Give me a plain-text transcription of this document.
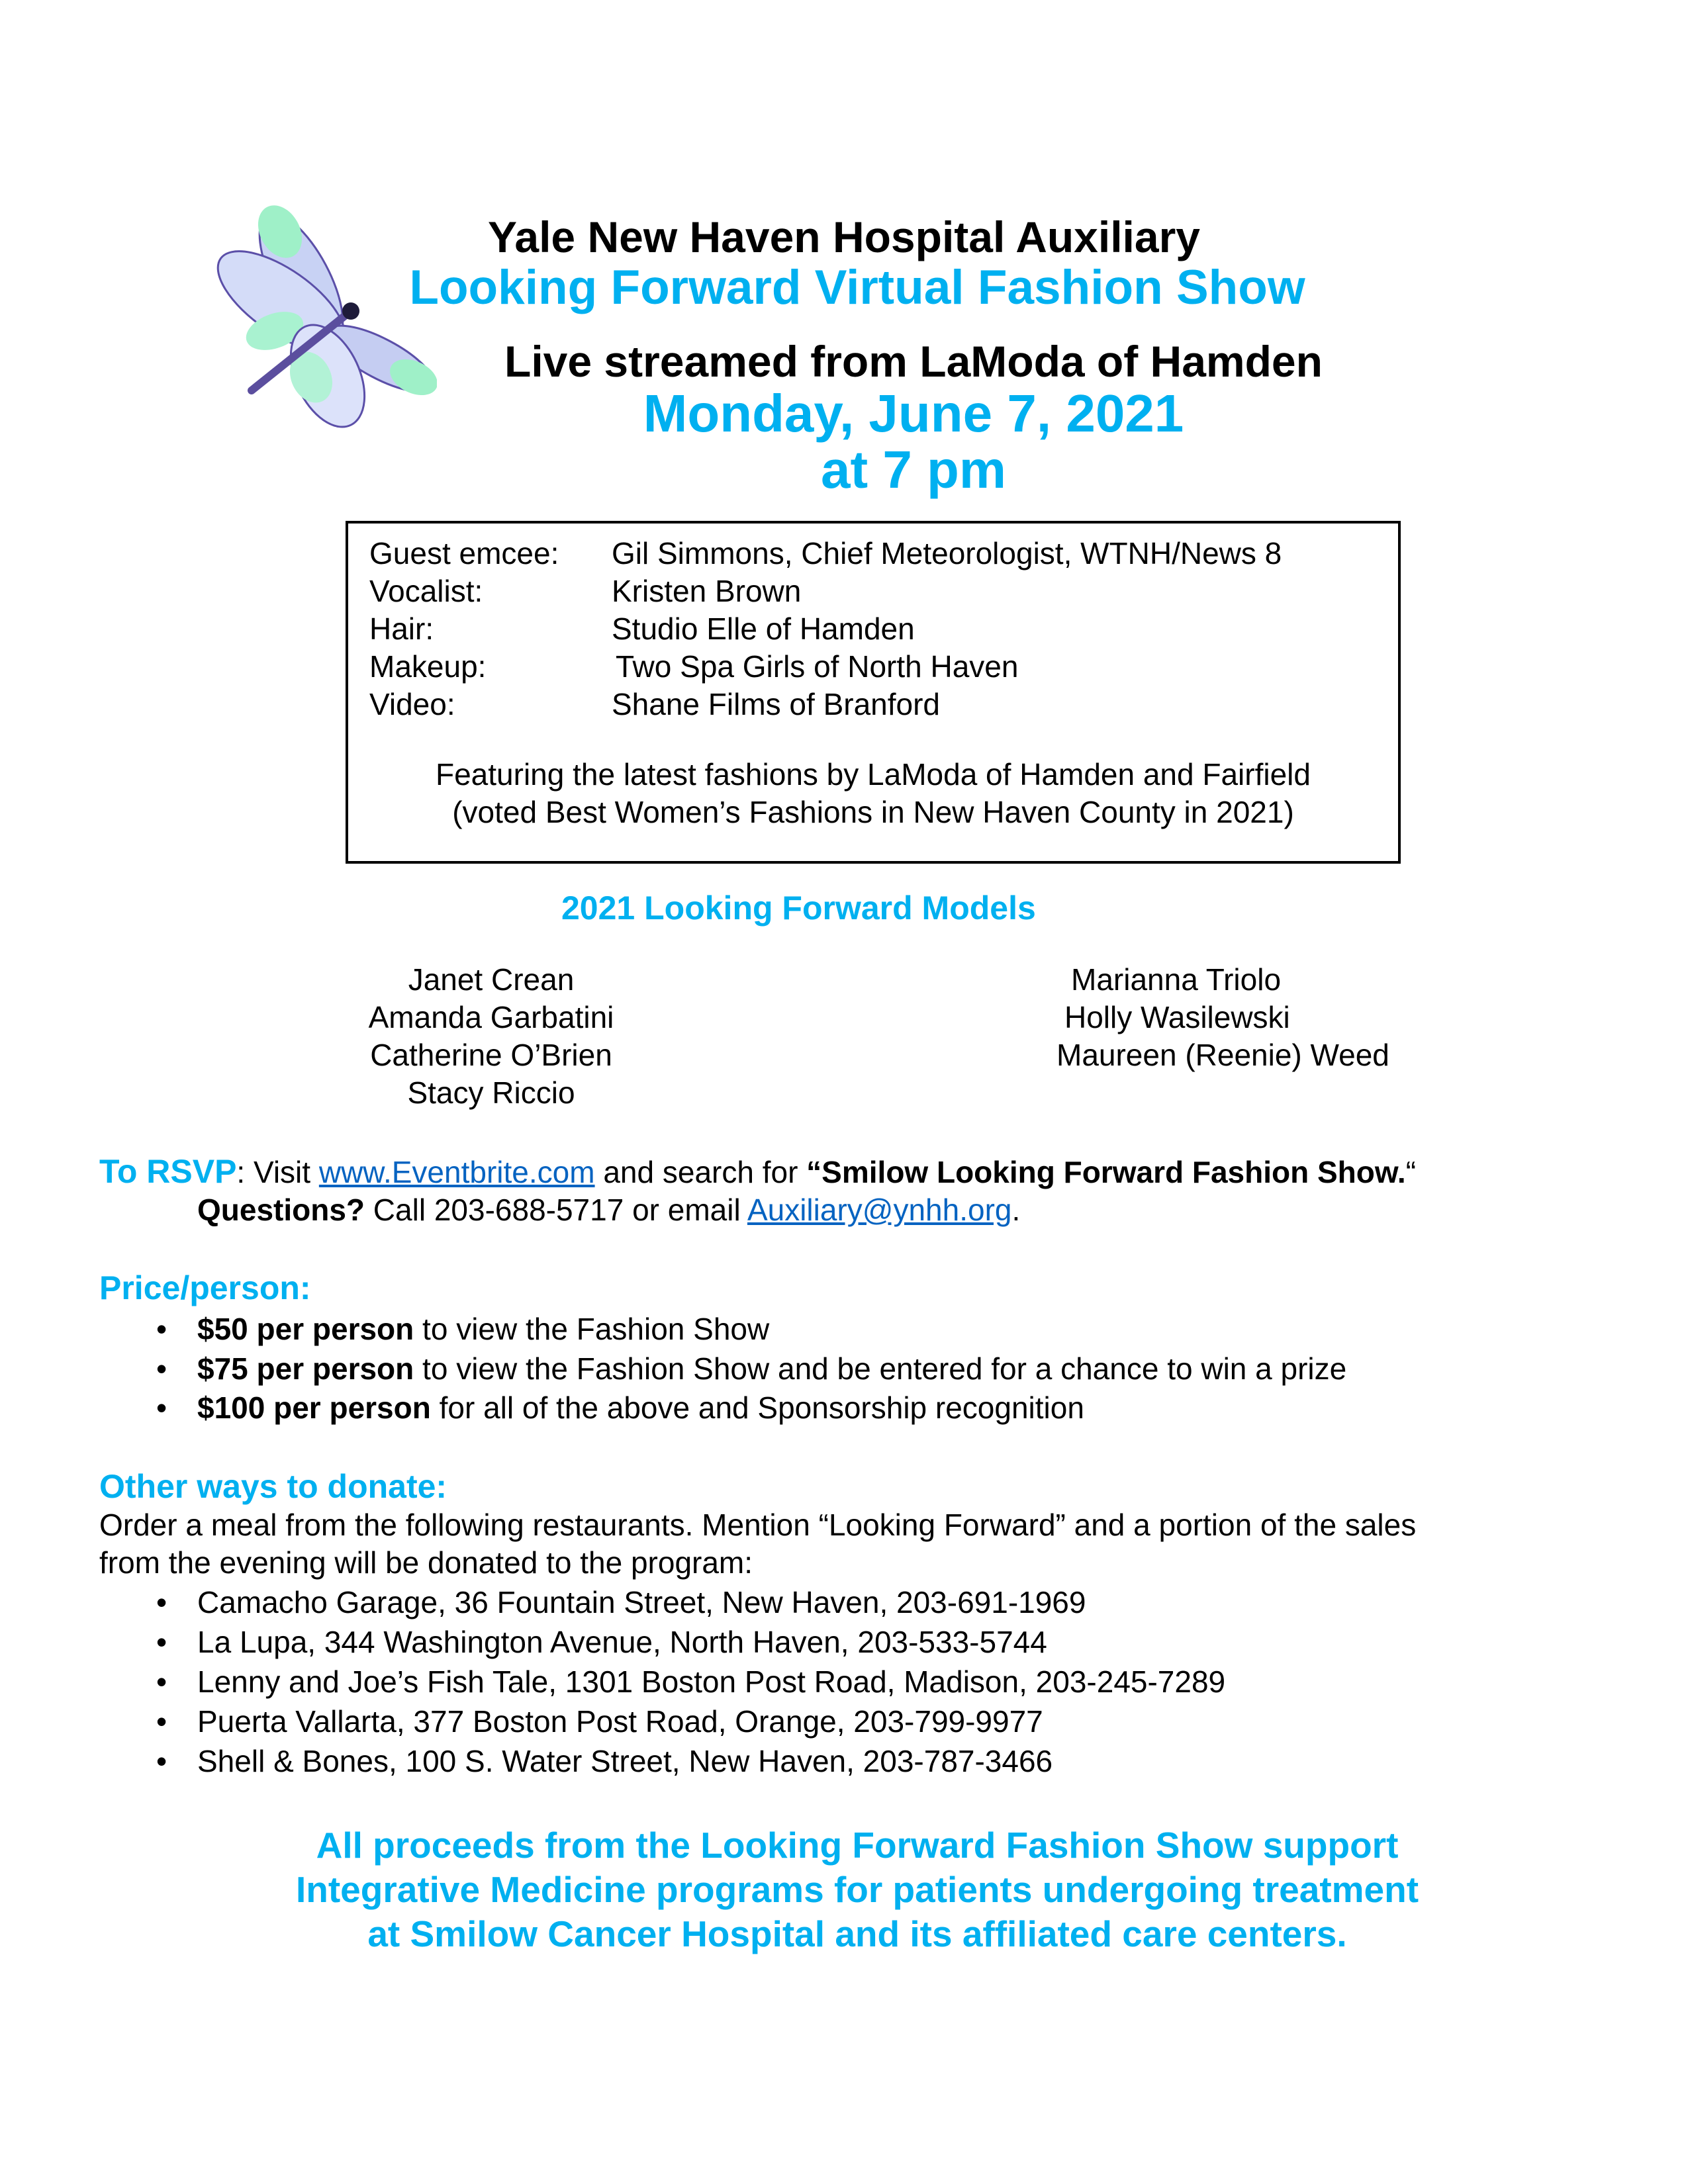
Yale New Haven Hospital Auxiliary
Looking Forward Virtual Fashion Show
Live streamed from LaModa of Hamden
Monday, June 7, 2021
at 7 pm
Guest emcee: Gil Simmons, Chief Meteorologist, WTNH/News 8
Vocalist:	Kristen Brown
Hair:	Studio Elle of Hamden
Makeup:	Two Spa Girls of North Haven
Video:	Shane Films of Branford
Featuring the latest fashions by LaModa of Hamden and Fairfield
(voted Best Women’s Fashions in New Haven County in 2021)
2021 Looking Forward Models
Janet Crean
Amanda Garbatini
Catherine O’Brien
Stacy Riccio
Marianna Triolo
Holly Wasilewski
Maureen (Reenie) Weed
To RSVP: Visit www.Eventbrite.com and search for “Smilow Looking Forward Fashion Show.“
Questions? Call 203-688-5717 or email Auxiliary@ynhh.org.
Price/person:
• $50 per person to view the Fashion Show
• $75 per person to view the Fashion Show and be entered for a chance to win a prize
• $100 per person for all of the above and Sponsorship recognition
Other ways to donate:
Order a meal from the following restaurants. Mention “Looking Forward” and a portion of the sales
from the evening will be donated to the program:
• Camacho Garage, 36 Fountain Street, New Haven, 203-691-1969
• La Lupa, 344 Washington Avenue, North Haven, 203-533-5744
• Lenny and Joe’s Fish Tale, 1301 Boston Post Road, Madison, 203-245-7289
• Puerta Vallarta, 377 Boston Post Road, Orange, 203-799-9977
• Shell & Bones, 100 S. Water Street, New Haven, 203-787-3466
All proceeds from the Looking Forward Fashion Show support
Integrative Medicine programs for patients undergoing treatment
at Smilow Cancer Hospital and its affiliated care centers.
